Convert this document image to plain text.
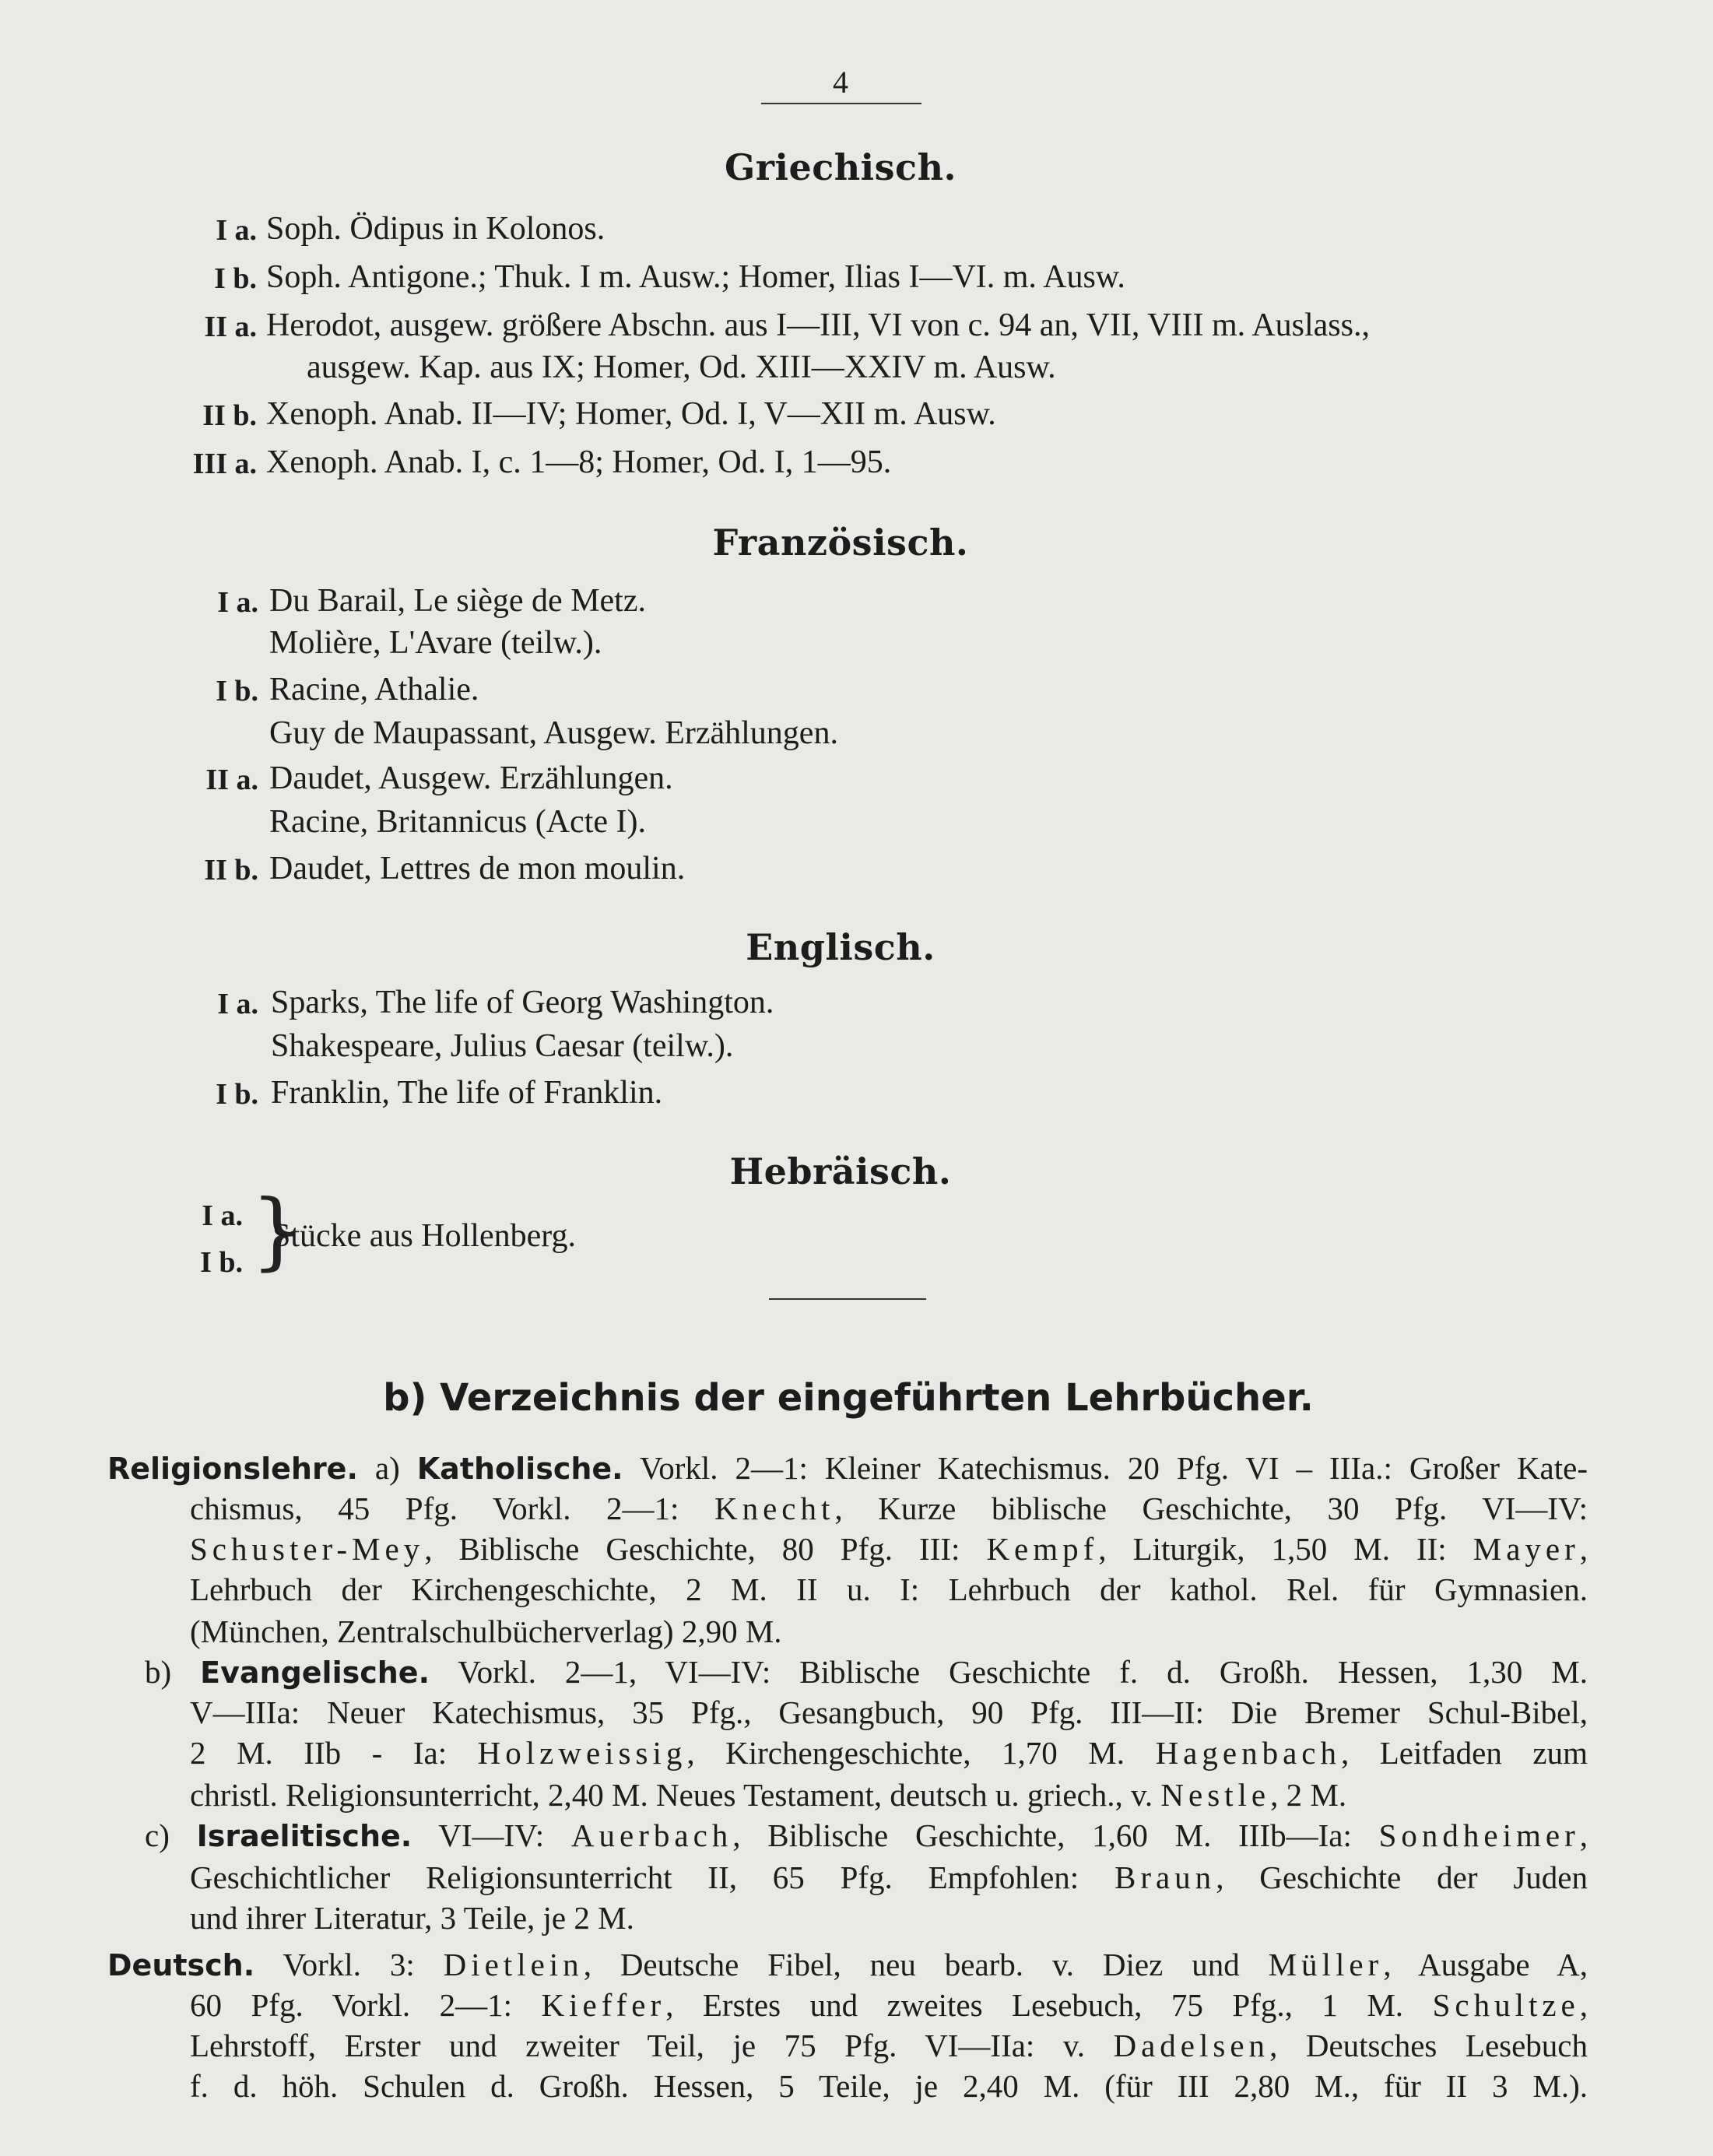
4
Griechisch.
I a. Soph. Ödipus in Kolonos.
I b. Soph. Antigone.; Thuk. I m. Ausw.; Homer, Ilias I—VI. m. Ausw.
II a. Herodot, ausgew. größere Abschn. aus I—III, VI von c. 94 an, VII, VIII m. Auslass.,
ausgew. Kap. aus IX; Homer, Od. XIII—XXIV m. Ausw.
II b. Xenoph. Anab. II—IV; Homer, Od. I, V—XII m. Ausw.
III a. Xenoph. Anab. I, c. 1—8; Homer, Od. I, 1—95.
Französisch.
I a. Du Barail, Le siège de Metz.
Molière, L'Avare (teilw.).
I b. Racine, Athalie.
Guy de Maupassant, Ausgew. Erzählungen.
II a. Daudet, Ausgew. Erzählungen.
Racine, Britannicus (Acte I).
II b. Daudet, Lettres de mon moulin.
Englisch.
I a. Sparks, The life of Georg Washington.
Shakespeare, Julius Caesar (teilw.).
I b. Franklin, The life of Franklin.
Hebräisch.
I a.
I b. }
Stücke aus Hollenberg.
b) Verzeichnis der eingeführten Lehrbücher.
Religionslehre. a) Katholische. Vorkl. 2—1: Kleiner Katechismus. 20 Pfg. VI – IIIa.: Großer Kate-
chismus, 45 Pfg. Vorkl. 2—1: Knecht, Kurze biblische Geschichte, 30 Pfg. VI—IV:
Schuster-Mey, Biblische Geschichte, 80 Pfg. III: Kempf, Liturgik, 1,50 M. II: Mayer,
Lehrbuch der Kirchengeschichte, 2 M. II u. I: Lehrbuch der kathol. Rel. für Gymnasien.
(München, Zentralschulbücherverlag) 2,90 M.
b) Evangelische. Vorkl. 2—1, VI—IV: Biblische Geschichte f. d. Großh. Hessen, 1,30 M.
V—IIIa: Neuer Katechismus, 35 Pfg., Gesangbuch, 90 Pfg. III—II: Die Bremer Schul-Bibel,
2 M. IIb - Ia: Holzweissig, Kirchengeschichte, 1,70 M. Hagenbach, Leitfaden zum
christl. Religionsunterricht, 2,40 M. Neues Testament, deutsch u. griech., v. Nestle, 2 M.
c) Israelitische. VI—IV: Auerbach, Biblische Geschichte, 1,60 M. IIIb—Ia: Sondheimer,
Geschichtlicher Religionsunterricht II, 65 Pfg. Empfohlen: Braun, Geschichte der Juden
und ihrer Literatur, 3 Teile, je 2 M.
Deutsch. Vorkl. 3: Dietlein, Deutsche Fibel, neu bearb. v. Diez und Müller, Ausgabe A,
60 Pfg. Vorkl. 2—1: Kieffer, Erstes und zweites Lesebuch, 75 Pfg., 1 M. Schultze,
Lehrstoff, Erster und zweiter Teil, je 75 Pfg. VI—IIa: v. Dadelsen, Deutsches Lesebuch
f. d. höh. Schulen d. Großh. Hessen, 5 Teile, je 2,40 M. (für III 2,80 M., für II 3 M.).
